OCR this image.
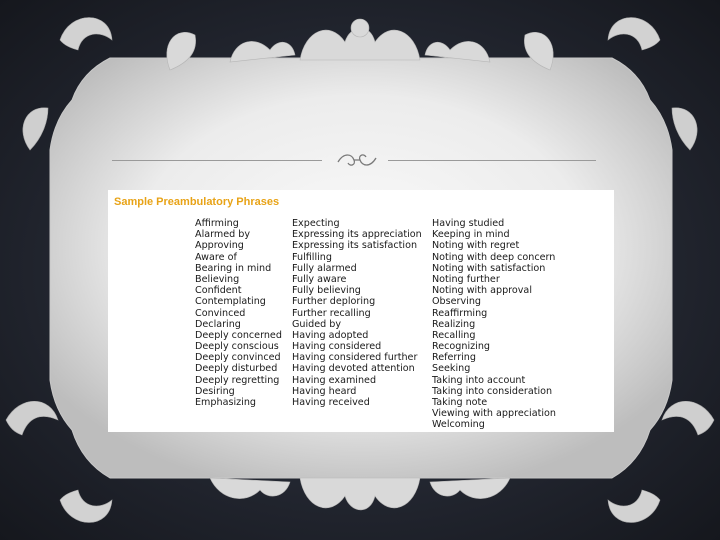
Sample Preambulatory Phrases
Affirming
Alarmed by
Approving
Aware of
Bearing in mind
Believing
Confident
Contemplating
Convinced
Declaring
Deeply concerned
Deeply conscious
Deeply convinced
Deeply disturbed
Deeply regretting
Desiring
Emphasizing
Expecting
Expressing its appreciation
Expressing its satisfaction
Fulfilling
Fully alarmed
Fully aware
Fully believing
Further deploring
Further recalling
Guided by
Having adopted
Having considered
Having considered further
Having devoted attention
Having examined
Having heard
Having received
Having studied
Keeping in mind
Noting with regret
Noting with deep concern
Noting with satisfaction
Noting further
Noting with approval
Observing
Reaffirming
Realizing
Recalling
Recognizing
Referring
Seeking
Taking into account
Taking into consideration
Taking note
Viewing with appreciation
Welcoming
